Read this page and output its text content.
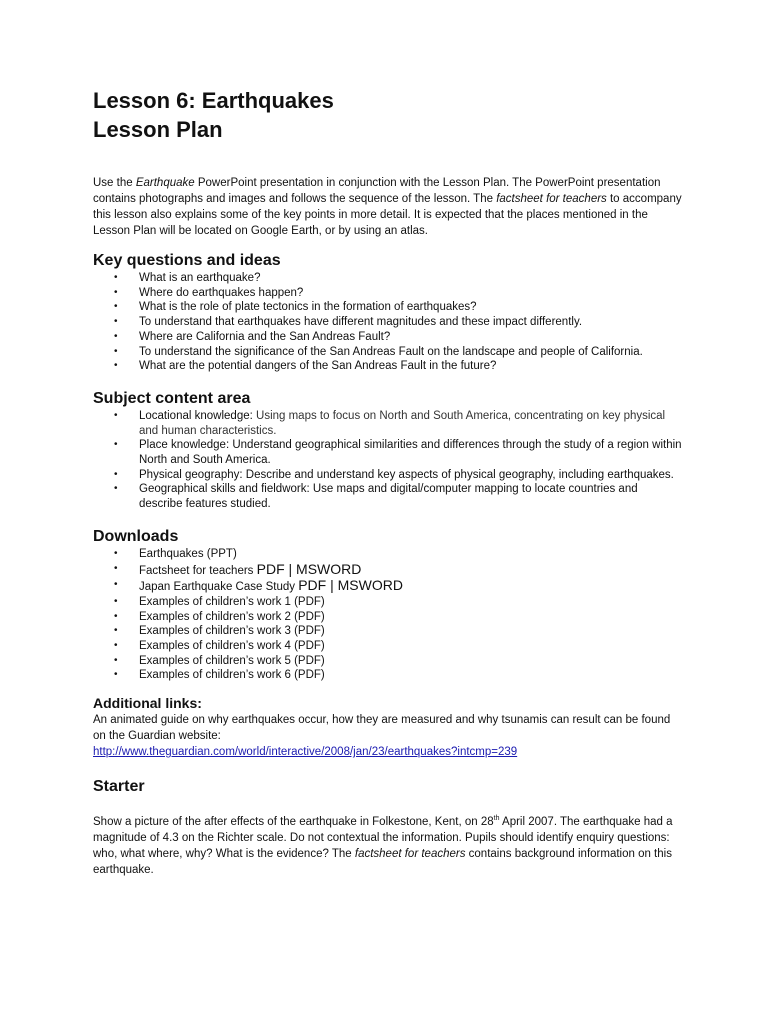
Lesson 6: Earthquakes
Lesson Plan

Use the Earthquake PowerPoint presentation in conjunction with the Lesson Plan. The PowerPoint presentation contains photographs and images and follows the sequence of the lesson. The factsheet for teachers to accompany this lesson also explains some of the key points in more detail. It is expected that the places mentioned in the Lesson Plan will be located on Google Earth, or by using an atlas.

Key questions and ideas
• What is an earthquake?
• Where do earthquakes happen?
• What is the role of plate tectonics in the formation of earthquakes?
• To understand that earthquakes have different magnitudes and these impact differently.
• Where are California and the San Andreas Fault?
• To understand the significance of the San Andreas Fault on the landscape and people of California.
• What are the potential dangers of the San Andreas Fault in the future?
Subject content area
• Locational knowledge: Using maps to focus on North and South America, concentrating on key physical and human characteristics.
• Place knowledge: Understand geographical similarities and differences through the study of a region within North and South America.
• Physical geography: Describe and understand key aspects of physical geography, including earthquakes.
• Geographical skills and fieldwork: Use maps and digital/computer mapping to locate countries and describe features studied.
Downloads
• Earthquakes (PPT)
• Factsheet for teachers PDF | MSWORD
• Japan Earthquake Case Study PDF | MSWORD
• Examples of children’s work 1 (PDF)
• Examples of children’s work 2 (PDF)
• Examples of children’s work 3 (PDF)
• Examples of children’s work 4 (PDF)
• Examples of children’s work 5 (PDF)
• Examples of children’s work 6 (PDF)
Additional links:

An animated guide on why earthquakes occur, how they are measured and why tsunamis can result can be found on the Guardian website:
http://www.theguardian.com/world/interactive/2008/jan/23/earthquakes?intcmp=239

Starter

Show a picture of the after effects of the earthquake in Folkestone, Kent, on 28th April 2007. The earthquake had a magnitude of 4.3 on the Richter scale. Do not contextual the information. Pupils should identify enquiry questions: who, what where, why? What is the evidence? The factsheet for teachers contains background information on this earthquake.
